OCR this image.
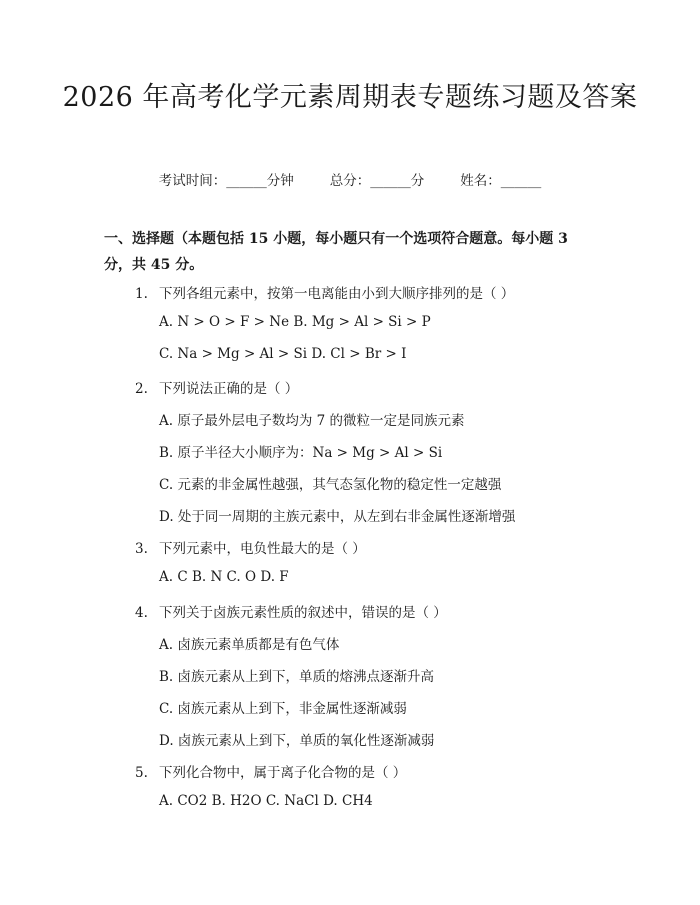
2026 年高考化学元素周期表专题练习题及答案
考试时间：______分钟	总分：______分	姓名：______
一、选择题（本题包括 15 小题，每小题只有一个选项符合题意。每小题 3 分，共 45 分。
1. 下列各组元素中，按第一电离能由小到大顺序排列的是（ ）
A. N > O > F > Ne B. Mg > Al > Si > P
C. Na > Mg > Al > Si D. Cl > Br > I
2. 下列说法正确的是（ ）
A. 原子最外层电子数均为 7 的微粒一定是同族元素
B. 原子半径大小顺序为：Na > Mg > Al > Si
C. 元素的非金属性越强，其气态氢化物的稳定性一定越强
D. 处于同一周期的主族元素中，从左到右非金属性逐渐增强
3. 下列元素中，电负性最大的是（ ）
A. C B. N C. O D. F
4. 下列关于卤族元素性质的叙述中，错误的是（ ）
A. 卤族元素单质都是有色气体
B. 卤族元素从上到下，单质的熔沸点逐渐升高
C. 卤族元素从上到下，非金属性逐渐减弱
D. 卤族元素从上到下，单质的氧化性逐渐减弱
5. 下列化合物中，属于离子化合物的是（ ）
A. CO2 B. H2O C. NaCl D. CH4
